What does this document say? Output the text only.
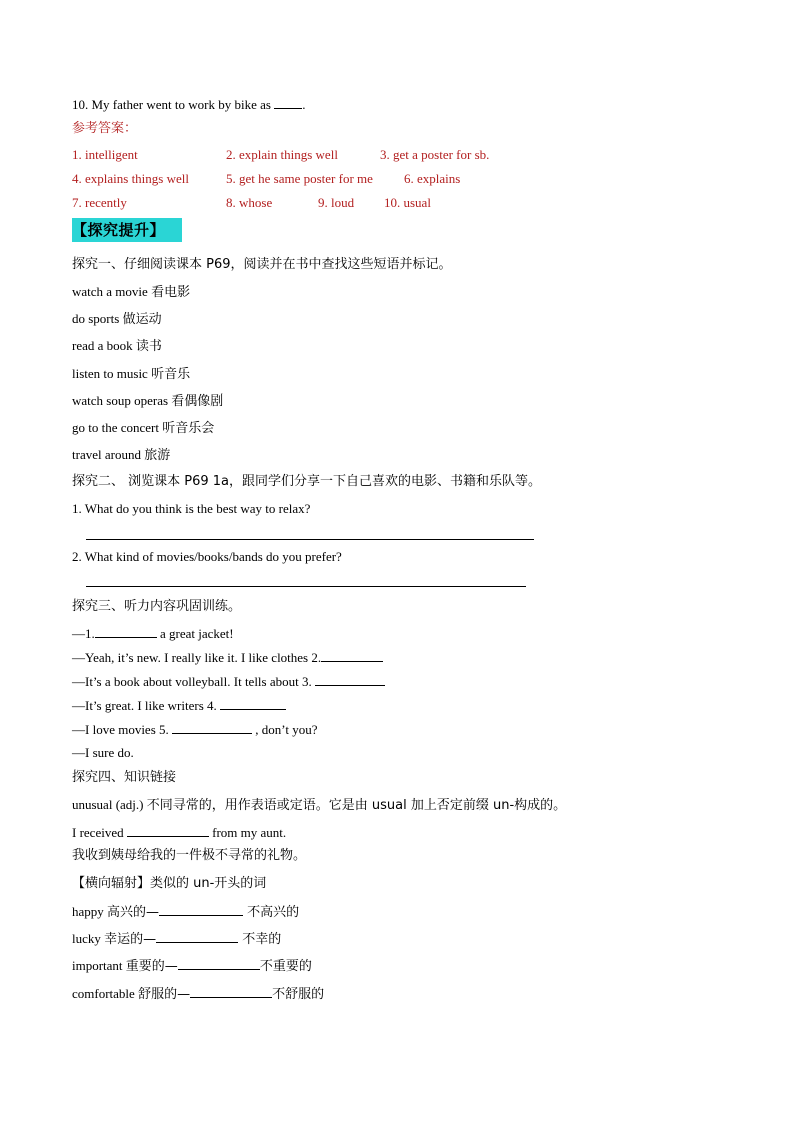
10. My father went to work by bike as .
参考答案：
1. intelligent	2. explain things well	3. get a poster for sb.
4. explains things well	5. get he same poster for me 6. explains
7. recently	8. whose	9. loud 10. usual
【探究提升】
探究一、仔细阅读课本 P69，阅读并在书中查找这些短语并标记。
watch a movie 看电影
do sports 做运动
read a book 读书
listen to music 听音乐
watch soup operas 看偶像剧
go to the concert 听音乐会
travel around 旅游
探究二、 浏览课本 P69 1a，跟同学们分享一下自己喜欢的电影、书籍和乐队等。
1. What do you think is the best way to relax?
2. What kind of movies/books/bands do you prefer?
探究三、听力内容巩固训练。
—1.	a great jacket!
—Yeah, it’s new. I really like it. I like clothes 2.
—It’s a book about volleyball. It tells about 3.
—It’s great. I like writers 4.
—I love movies 5.	, don’t you?
—I sure do.
探究四、知识链接
unusual (adj.) 不同寻常的，用作表语或定语。它是由 usual 加上否定前缀 un-构成的。
I received	from my aunt.
我收到姨母给我的一件极不寻常的礼物。
【横向辐射】类似的 un-开头的词
happy 高兴的—	不高兴的
lucky 幸运的—	不幸的
important 重要的—	不重要的
comfortable 舒服的—	不舒服的
